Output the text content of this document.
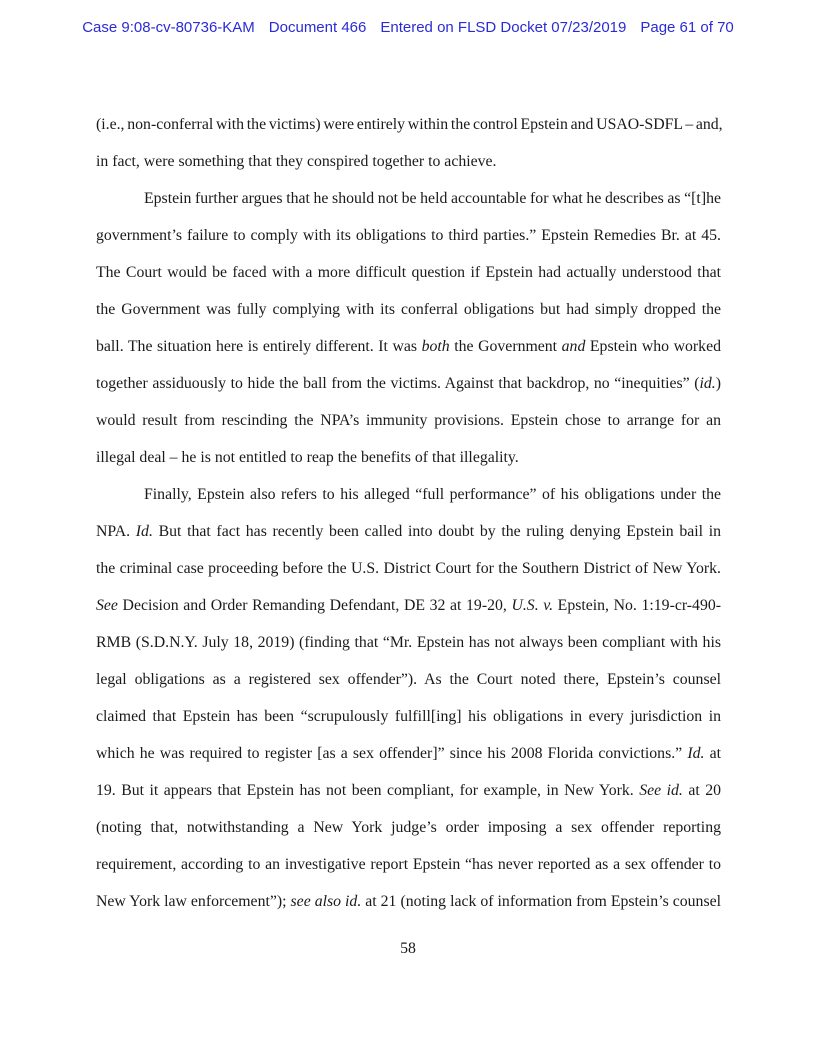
Case 9:08-cv-80736-KAM Document 466 Entered on FLSD Docket 07/23/2019 Page 61 of 70
(i.e., non-conferral with the victims) were entirely within the control Epstein and USAO-SDFL – and,
in fact, were something that they conspired together to achieve.
Epstein further argues that he should not be held accountable for what he describes as “[t]he
government’s failure to comply with its obligations to third parties.” Epstein Remedies Br. at 45.
The Court would be faced with a more difficult question if Epstein had actually understood that
the Government was fully complying with its conferral obligations but had simply dropped the
ball. The situation here is entirely different. It was both the Government and Epstein who worked
together assiduously to hide the ball from the victims. Against that backdrop, no “inequities” (id.)
would result from rescinding the NPA’s immunity provisions. Epstein chose to arrange for an
illegal deal – he is not entitled to reap the benefits of that illegality.
Finally, Epstein also refers to his alleged “full performance” of his obligations under the
NPA. Id. But that fact has recently been called into doubt by the ruling denying Epstein bail in
the criminal case proceeding before the U.S. District Court for the Southern District of New York.
See Decision and Order Remanding Defendant, DE 32 at 19-20, U.S. v. Epstein, No. 1:19-cr-490-
RMB (S.D.N.Y. July 18, 2019) (finding that “Mr. Epstein has not always been compliant with his
legal obligations as a registered sex offender”). As the Court noted there, Epstein’s counsel
claimed that Epstein has been “scrupulously fulfill[ing] his obligations in every jurisdiction in
which he was required to register [as a sex offender]” since his 2008 Florida convictions.” Id. at
19. But it appears that Epstein has not been compliant, for example, in New York. See id. at 20
(noting that, notwithstanding a New York judge’s order imposing a sex offender reporting
requirement, according to an investigative report Epstein “has never reported as a sex offender to
New York law enforcement”); see also id. at 21 (noting lack of information from Epstein’s counsel
58
